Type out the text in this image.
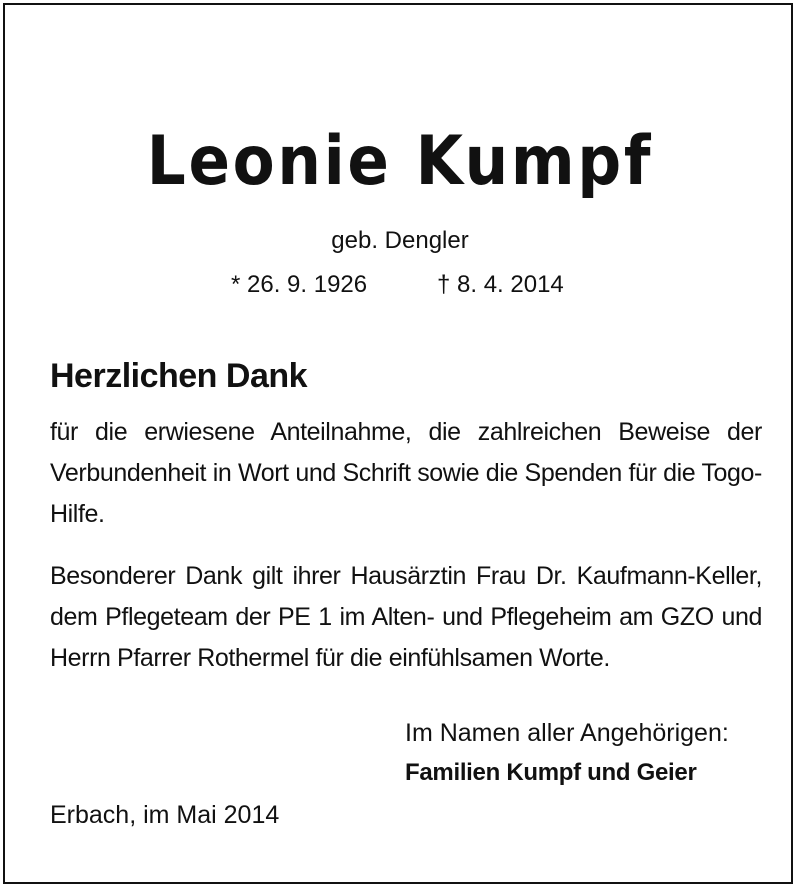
Leonie Kumpf
geb. Dengler
* 26. 9. 1926	† 8. 4. 2014
Herzlichen Dank

für die erwiesene Anteilnahme, die zahlreichen Beweise der Verbundenheit in Wort und Schrift sowie die Spenden für die Togo-Hilfe.

Besonderer Dank gilt ihrer Hausärztin Frau Dr. Kaufmann-Keller, dem Pflegeteam der PE 1 im Alten- und Pflegeheim am GZO und Herrn Pfarrer Rothermel für die einfühlsamen Worte.

Im Namen aller Angehörigen:
Familien Kumpf und Geier
Erbach, im Mai 2014
